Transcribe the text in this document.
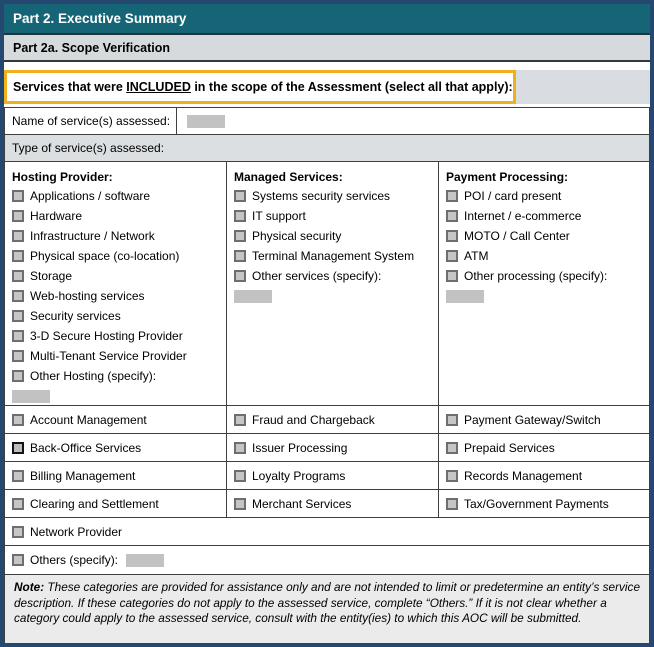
Part 2. Executive Summary
Part 2a. Scope Verification
Services that were INCLUDED in the scope of the Assessment (select all that apply):
Name of service(s) assessed:
Type of service(s) assessed:
Hosting Provider:
Applications / software
Hardware
Infrastructure / Network
Physical space (co-location)
Storage
Web-hosting services
Security services
3-D Secure Hosting Provider
Multi-Tenant Service Provider
Other Hosting (specify):
Managed Services:
Systems security services
IT support
Physical security
Terminal Management System
Other services (specify):
Payment Processing:
POI / card present
Internet / e-commerce
MOTO / Call Center
ATM
Other processing (specify):
Account Management	Fraud and Chargeback	Payment Gateway/Switch
Back-Office Services	Issuer Processing	Prepaid Services
Billing Management	Loyalty Programs	Records Management
Clearing and Settlement	Merchant Services	Tax/Government Payments
Network Provider
Others (specify):
Note: These categories are provided for assistance only and are not intended to limit or predetermine an entity’s service description. If these categories do not apply to the assessed service, complete “Others.” If it is not clear whether a category could apply to the assessed service, consult with the entity(ies) to which this AOC will be submitted.
